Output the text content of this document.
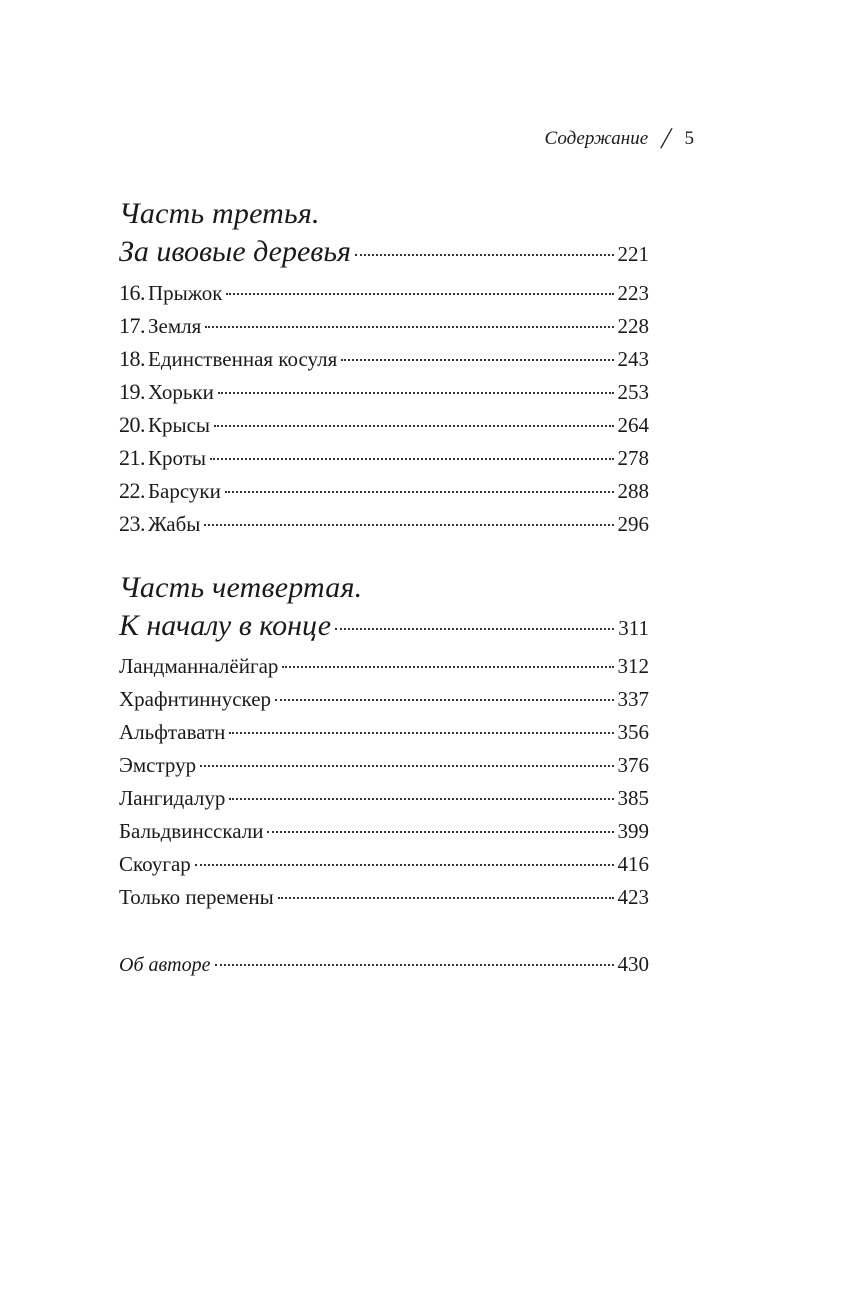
Содержание / 5
Часть третья.
За ивовые деревья	221
16. Прыжок	223
17. Земля	228
18. Единственная косуля	243
19. Хорьки	253
20. Крысы	264
21. Кроты	278
22. Барсуки	288
23. Жабы	296
Часть четвертая.
К началу в конце	311
Ландманналёйгар	312
Храфнтиннускер	337
Альфтаватн	356
Эмструр	376
Лангидалур	385
Бальдвинсскали	399
Скоугар	416
Только перемены	423
Об авторе	430
